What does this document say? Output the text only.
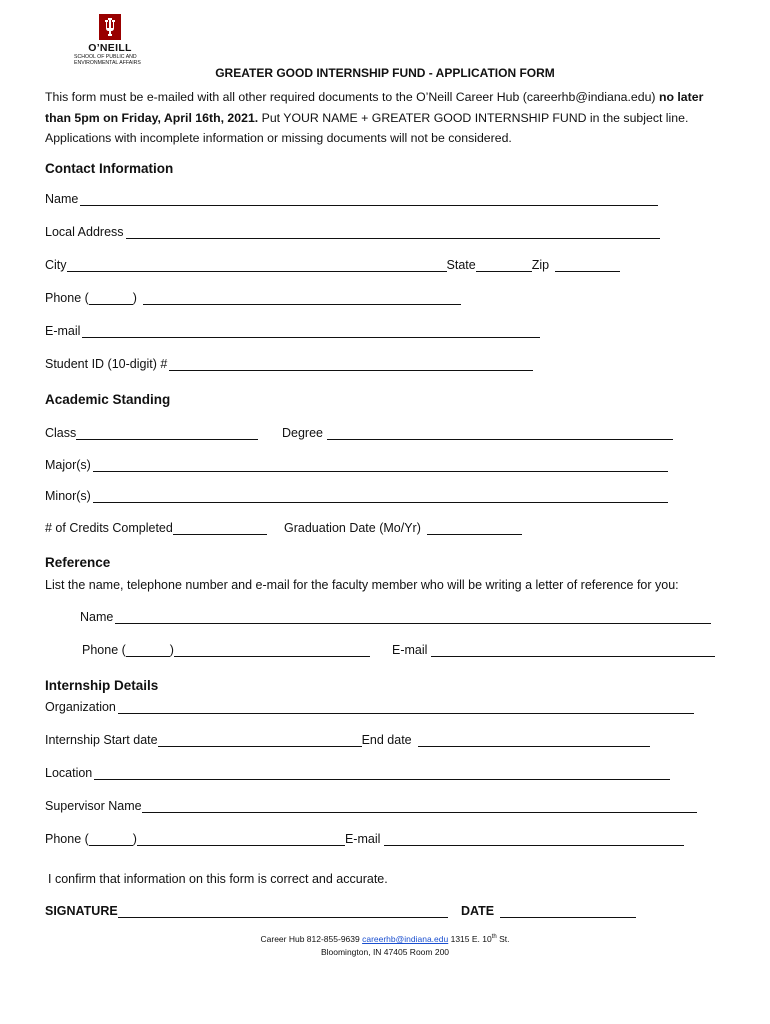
O’NEILL
SCHOOL OF PUBLIC AND
ENVIRONMENTAL AFFAIRS
GREATER GOOD INTERNSHIP FUND - APPLICATION FORM
This form must be e-mailed with all other required documents to the O’Neill Career Hub (careerhb@indiana.edu) no later than 5pm on Friday, April 16th, 2021. Put YOUR NAME + GREATER GOOD INTERNSHIP FUND in the subject line. Applications with incomplete information or missing documents will not be considered.
Contact Information
Name
Local Address
City	State	Zip
Phone (	)
E-mail
Student ID (10-digit) #
Academic Standing
Class	Degree
Major(s)
Minor(s)
# of Credits Completed	Graduation Date (Mo/Yr)
Reference
List the name, telephone number and e-mail for the faculty member who will be writing a letter of reference for you:
Name
Phone (	)	E-mail
Internship Details
Organization
Internship Start date	End date
Location
Supervisor Name
Phone (	)	E-mail
I confirm that information on this form is correct and accurate.
SIGNATURE	DATE
Career Hub 812-855-9639 careerhb@indiana.edu 1315 E. 10th St.
Bloomington, IN 47405 Room 200
